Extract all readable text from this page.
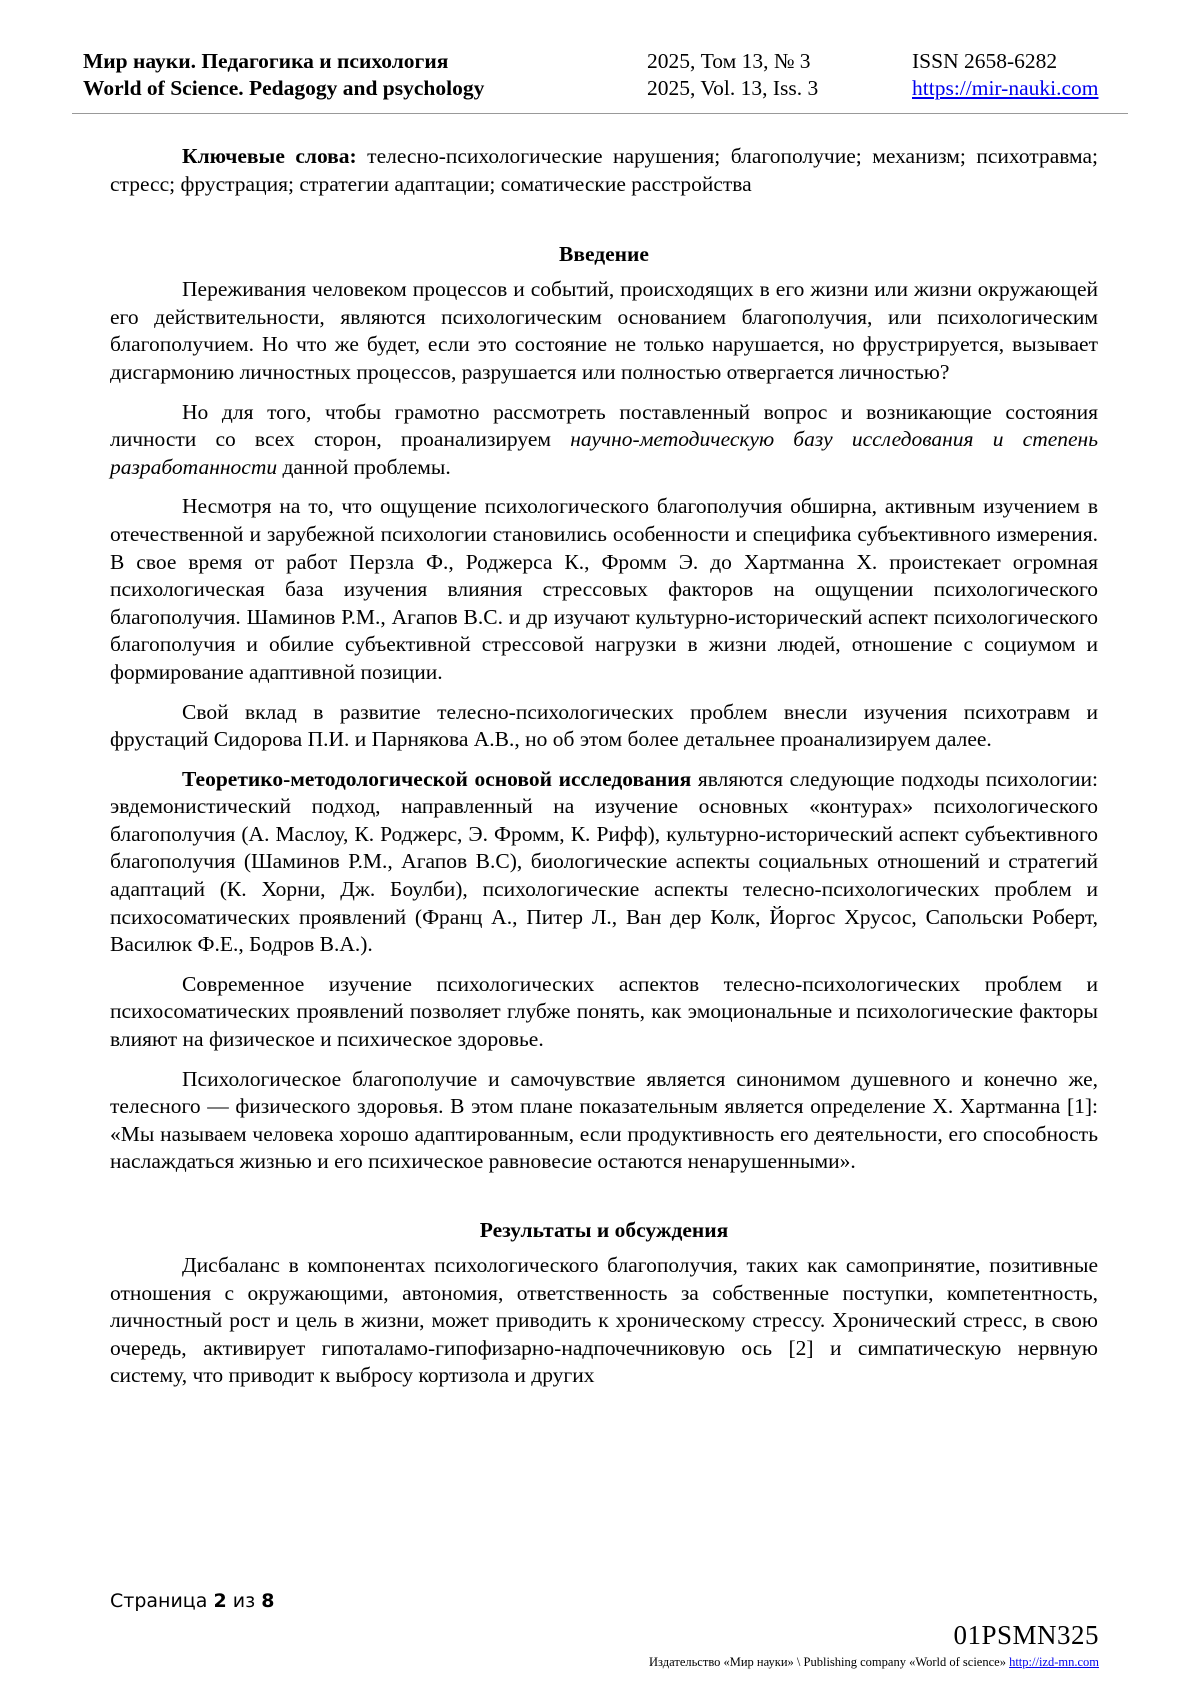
Мир науки. Педагогика и психология
World of Science. Pedagogy and psychology
2025, Том 13, № 3
2025, Vol. 13, Iss. 3
ISSN 2658-6282
https://mir-nauki.com

Ключевые слова: телесно-психологические нарушения; благополучие; механизм; психотравма; стресс; фрустрация; стратегии адаптации; соматические расстройства

Введение

Переживания человеком процессов и событий, происходящих в его жизни или жизни окружающей его действительности, являются психологическим основанием благополучия, или психологическим благополучием. Но что же будет, если это состояние не только нарушается, но фрустрируется, вызывает дисгармонию личностных процессов, разрушается или полностью отвергается личностью?

Но для того, чтобы грамотно рассмотреть поставленный вопрос и возникающие состояния личности со всех сторон, проанализируем научно-методическую базу исследования и степень разработанности данной проблемы.

Несмотря на то, что ощущение психологического благополучия обширна, активным изучением в отечественной и зарубежной психологии становились особенности и специфика субъективного измерения. В свое время от работ Перзла Ф., Роджерса К., Фромм Э. до Хартманна Х. проистекает огромная психологическая база изучения влияния стрессовых факторов на ощущении психологического благополучия. Шаминов Р.М., Агапов В.С. и др изучают культурно-исторический аспект психологического благополучия и обилие субъективной стрессовой нагрузки в жизни людей, отношение с социумом и формирование адаптивной позиции.

Свой вклад в развитие телесно-психологических проблем внесли изучения психотравм и фрустаций Сидорова П.И. и Парнякова А.В., но об этом более детальнее проанализируем далее.

Теоретико-методологической основой исследования являются следующие подходы психологии: эвдемонистический подход, направленный на изучение основных «контурах» психологического благополучия (А. Маслоу, К. Роджерс, Э. Фромм, К. Рифф), культурно-исторический аспект субъективного благополучия (Шаминов Р.М., Агапов В.С), биологические аспекты социальных отношений и стратегий адаптаций (К. Хорни, Дж. Боулби), психологические аспекты телесно-психологических проблем и психосоматических проявлений (Франц А., Питер Л., Ван дер Колк, Йоргос Хрусос, Сапольски Роберт, Василюк Ф.Е., Бодров В.А.).

Современное изучение психологических аспектов телесно-психологических проблем и психосоматических проявлений позволяет глубже понять, как эмоциональные и психологические факторы влияют на физическое и психическое здоровье.

Психологическое благополучие и самочувствие является синонимом душевного и конечно же, телесного — физического здоровья. В этом плане показательным является определение Х. Хартманна [1]: «Мы называем человека хорошо адаптированным, если продуктивность его деятельности, его способность наслаждаться жизнью и его психическое равновесие остаются ненарушенными».

Результаты и обсуждения

Дисбаланс в компонентах психологического благополучия, таких как самопринятие, позитивные отношения с окружающими, автономия, ответственность за собственные поступки, компетентность, личностный рост и цель в жизни, может приводить к хроническому стрессу. Хронический стресс, в свою очередь, активирует гипоталамо-гипофизарно-надпочечниковую ось [2] и симпатическую нервную систему, что приводит к выбросу кортизола и других

Страница 2 из 8
01PSMN325
Издательство «Мир науки» \ Publishing company «World of science» http://izd-mn.com
